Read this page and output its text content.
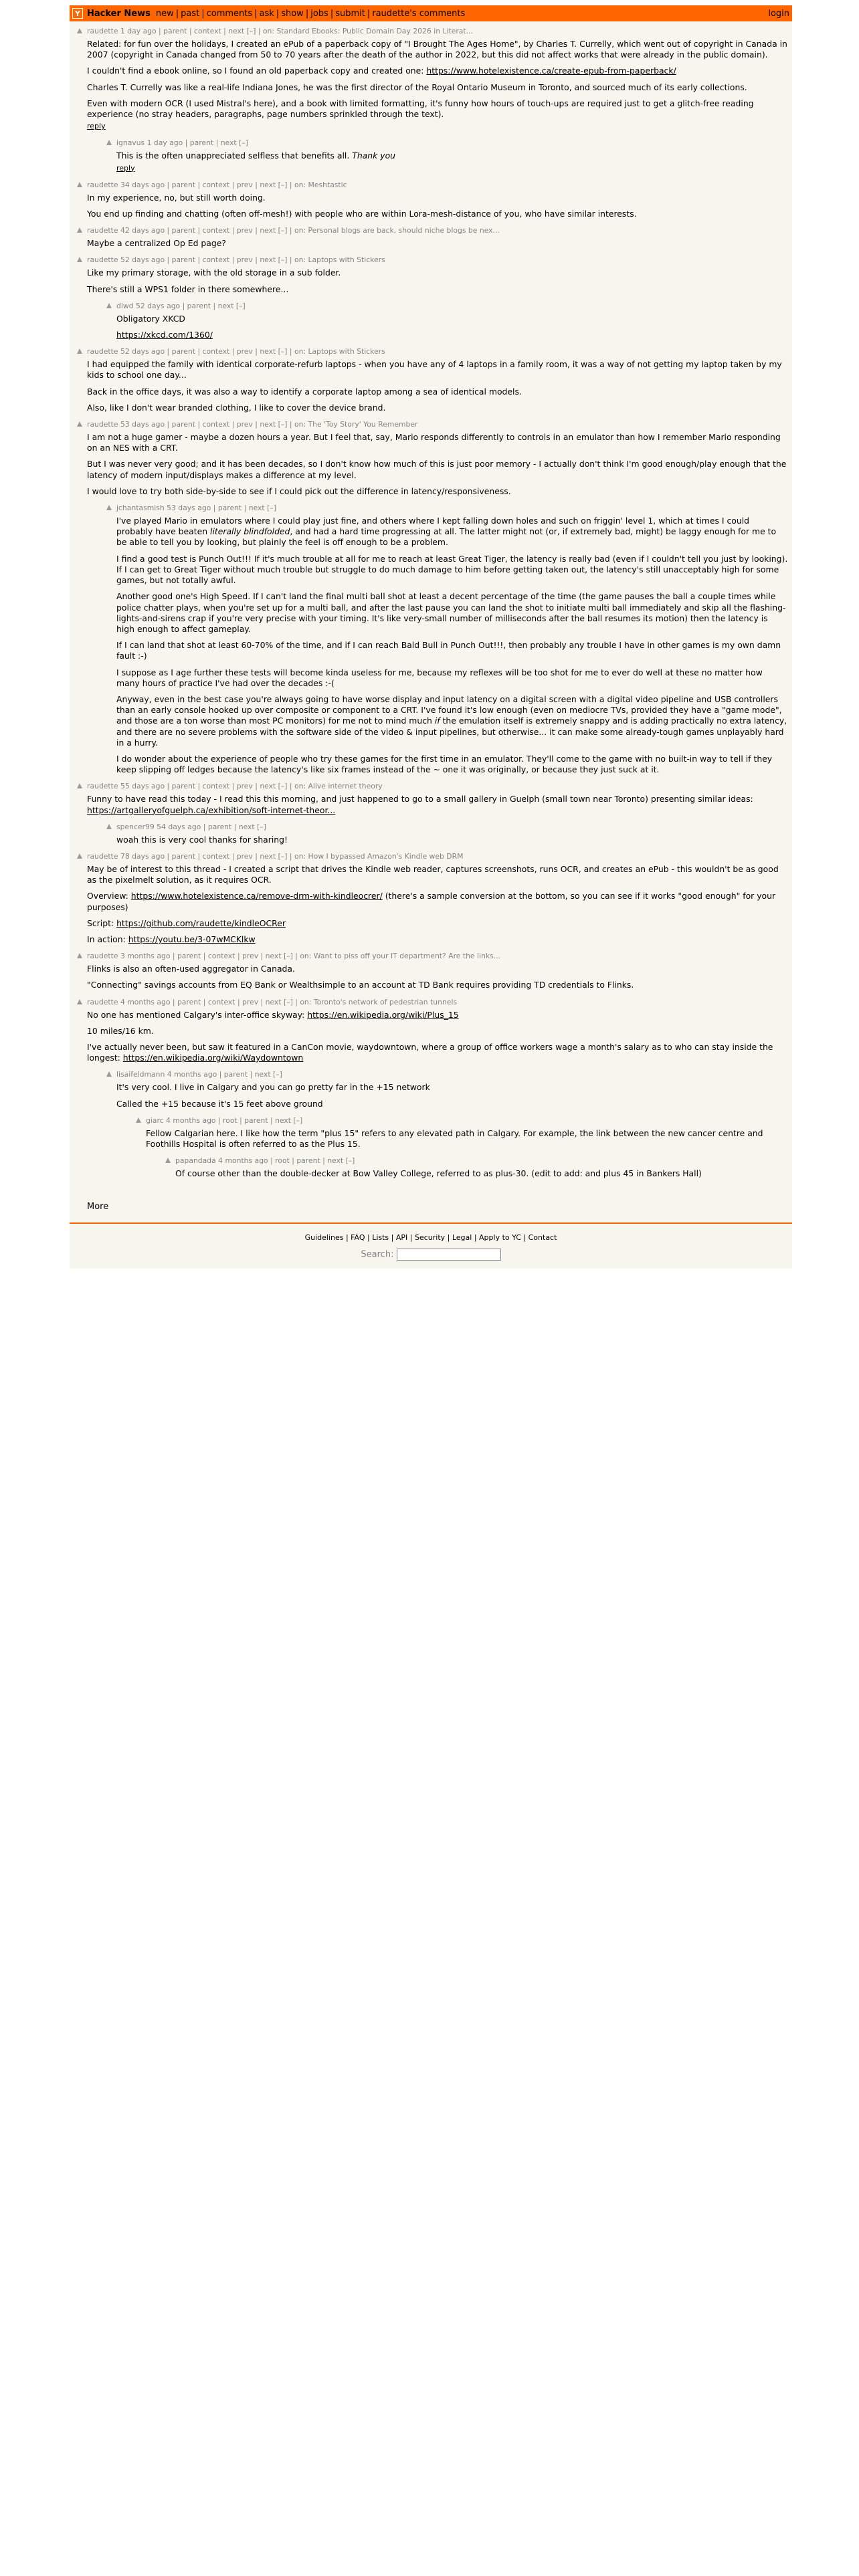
Y Hacker News new | past | comments | ask | show | jobs | submit | raudette's comments	login
raudette 1 day ago | parent | context | next [–] | on: Standard Ebooks: Public Domain Day 2026 in Literat...
Related: for fun over the holidays, I created an ePub of a paperback copy of "I Brought The Ages Home", by Charles T. Currelly, which went out of copyright in Canada in 2007 (copyright in Canada changed from 50 to 70 years after the death of the author in 2022, but this did not affect works that were already in the public domain).
I couldn't find a ebook online, so I found an old paperback copy and created one: https://www.hotelexistence.ca/create-epub-from-paperback/
Charles T. Currelly was like a real-life Indiana Jones, he was the first director of the Royal Ontario Museum in Toronto, and sourced much of its early collections.
Even with modern OCR (I used Mistral's here), and a book with limited formatting, it's funny how hours of touch-ups are required just to get a glitch-free reading experience (no stray headers, paragraphs, page numbers sprinkled through the text).
reply
ignavus 1 day ago | parent | next [–]
This is the often unappreciated selfless that benefits all. Thank you
reply
raudette 34 days ago | parent | context | prev | next [–] | on: Meshtastic
In my experience, no, but still worth doing.
You end up finding and chatting (often off-mesh!) with people who are within Lora-mesh-distance of you, who have similar interests.
raudette 42 days ago | parent | context | prev | next [–] | on: Personal blogs are back, should niche blogs be nex...
Maybe a centralized Op Ed page?
raudette 52 days ago | parent | context | prev | next [–] | on: Laptops with Stickers
Like my primary storage, with the old storage in a sub folder.
There's still a WPS1 folder in there somewhere...
dlwd 52 days ago | parent | next [–]
Obligatory XKCD
https://xkcd.com/1360/
raudette 52 days ago | parent | context | prev | next [–] | on: Laptops with Stickers
I had equipped the family with identical corporate-refurb laptops - when you have any of 4 laptops in a family room, it was a way of not getting my laptop taken by my kids to school one day...
Back in the office days, it was also a way to identify a corporate laptop among a sea of identical models.
Also, like I don't wear branded clothing, I like to cover the device brand.
raudette 53 days ago | parent | context | prev | next [–] | on: The 'Toy Story' You Remember
I am not a huge gamer - maybe a dozen hours a year. But I feel that, say, Mario responds differently to controls in an emulator than how I remember Mario responding on an NES with a CRT.
But I was never very good; and it has been decades, so I don't know how much of this is just poor memory - I actually don't think I'm good enough/play enough that the latency of modern input/displays makes a difference at my level.
I would love to try both side-by-side to see if I could pick out the difference in latency/responsiveness.
jchantasmish 53 days ago | parent | next [–]
I've played Mario in emulators where I could play just fine, and others where I kept falling down holes and such on friggin' level 1, which at times I could probably have beaten literally blindfolded, and had a hard time progressing at all. The latter might not (or, if extremely bad, might) be laggy enough for me to be able to tell you by looking, but plainly the feel is off enough to be a problem.
I find a good test is Punch Out!!! If it's much trouble at all for me to reach at least Great Tiger, the latency is really bad (even if I couldn't tell you just by looking). If I can get to Great Tiger without much trouble but struggle to do much damage to him before getting taken out, the latency's still unacceptably high for some games, but not totally awful.
Another good one's High Speed. If I can't land the final multi ball shot at least a decent percentage of the time (the game pauses the ball a couple times while police chatter plays, when you're set up for a multi ball, and after the last pause you can land the shot to initiate multi ball immediately and skip all the flashing-lights-and-sirens crap if you're very precise with your timing. It's like very-small number of milliseconds after the ball resumes its motion) then the latency is high enough to affect gameplay.
If I can land that shot at least 60-70% of the time, and if I can reach Bald Bull in Punch Out!!!, then probably any trouble I have in other games is my own damn fault :-)
I suppose as I age further these tests will become kinda useless for me, because my reflexes will be too shot for me to ever do well at these no matter how many hours of practice I've had over the decades :-(
Anyway, even in the best case you're always going to have worse display and input latency on a digital screen with a digital video pipeline and USB controllers than an early console hooked up over composite or component to a CRT. I've found it's low enough (even on mediocre TVs, provided they have a "game mode", and those are a ton worse than most PC monitors) for me not to mind much if the emulation itself is extremely snappy and is adding practically no extra latency, and there are no severe problems with the software side of the video & input pipelines, but otherwise... it can make some already-tough games unplayably hard in a hurry.
I do wonder about the experience of people who try these games for the first time in an emulator. They'll come to the game with no built-in way to tell if they keep slipping off ledges because the latency's like six frames instead of the ~ one it was originally, or because they just suck at it.
raudette 55 days ago | parent | context | prev | next [–] | on: Alive internet theory
Funny to have read this today - I read this this morning, and just happened to go to a small gallery in Guelph (small town near Toronto) presenting similar ideas: https://artgalleryofguelph.ca/exhibition/soft-internet-theor...
spencer99 54 days ago | parent | next [–]
woah this is very cool thanks for sharing!
raudette 78 days ago | parent | context | prev | next [–] | on: How I bypassed Amazon's Kindle web DRM
May be of interest to this thread - I created a script that drives the Kindle web reader, captures screenshots, runs OCR, and creates an ePub - this wouldn't be as good as the pixelmelt solution, as it requires OCR.
Overview: https://www.hotelexistence.ca/remove-drm-with-kindleocrer/ (there's a sample conversion at the bottom, so you can see if it works "good enough" for your purposes)
Script: https://github.com/raudette/kindleOCRer
In action: https://youtu.be/3-07wMCKlkw
raudette 3 months ago | parent | context | prev | next [–] | on: Want to piss off your IT department? Are the links...
Flinks is also an often-used aggregator in Canada.
"Connecting" savings accounts from EQ Bank or Wealthsimple to an account at TD Bank requires providing TD credentials to Flinks.
raudette 4 months ago | parent | context | prev | next [–] | on: Toronto's network of pedestrian tunnels
No one has mentioned Calgary's inter-office skyway: https://en.wikipedia.org/wiki/Plus_15
10 miles/16 km.
I've actually never been, but saw it featured in a CanCon movie, waydowntown, where a group of office workers wage a month's salary as to who can stay inside the longest: https://en.wikipedia.org/wiki/Waydowntown
lisaifeldmann 4 months ago | parent | next [–]
It's very cool. I live in Calgary and you can go pretty far in the +15 network
Called the +15 because it's 15 feet above ground
giarc 4 months ago | root | parent | next [–]
Fellow Calgarian here. I like how the term "plus 15" refers to any elevated path in Calgary. For example, the link between the new cancer centre and Foothills Hospital is often referred to as the Plus 15.
papandada 4 months ago | root | parent | next [–]
Of course other than the double-decker at Bow Valley College, referred to as plus-30. (edit to add: and plus 45 in Bankers Hall)
More
Guidelines | FAQ | Lists | API | Security | Legal | Apply to YC | Contact
Search:
